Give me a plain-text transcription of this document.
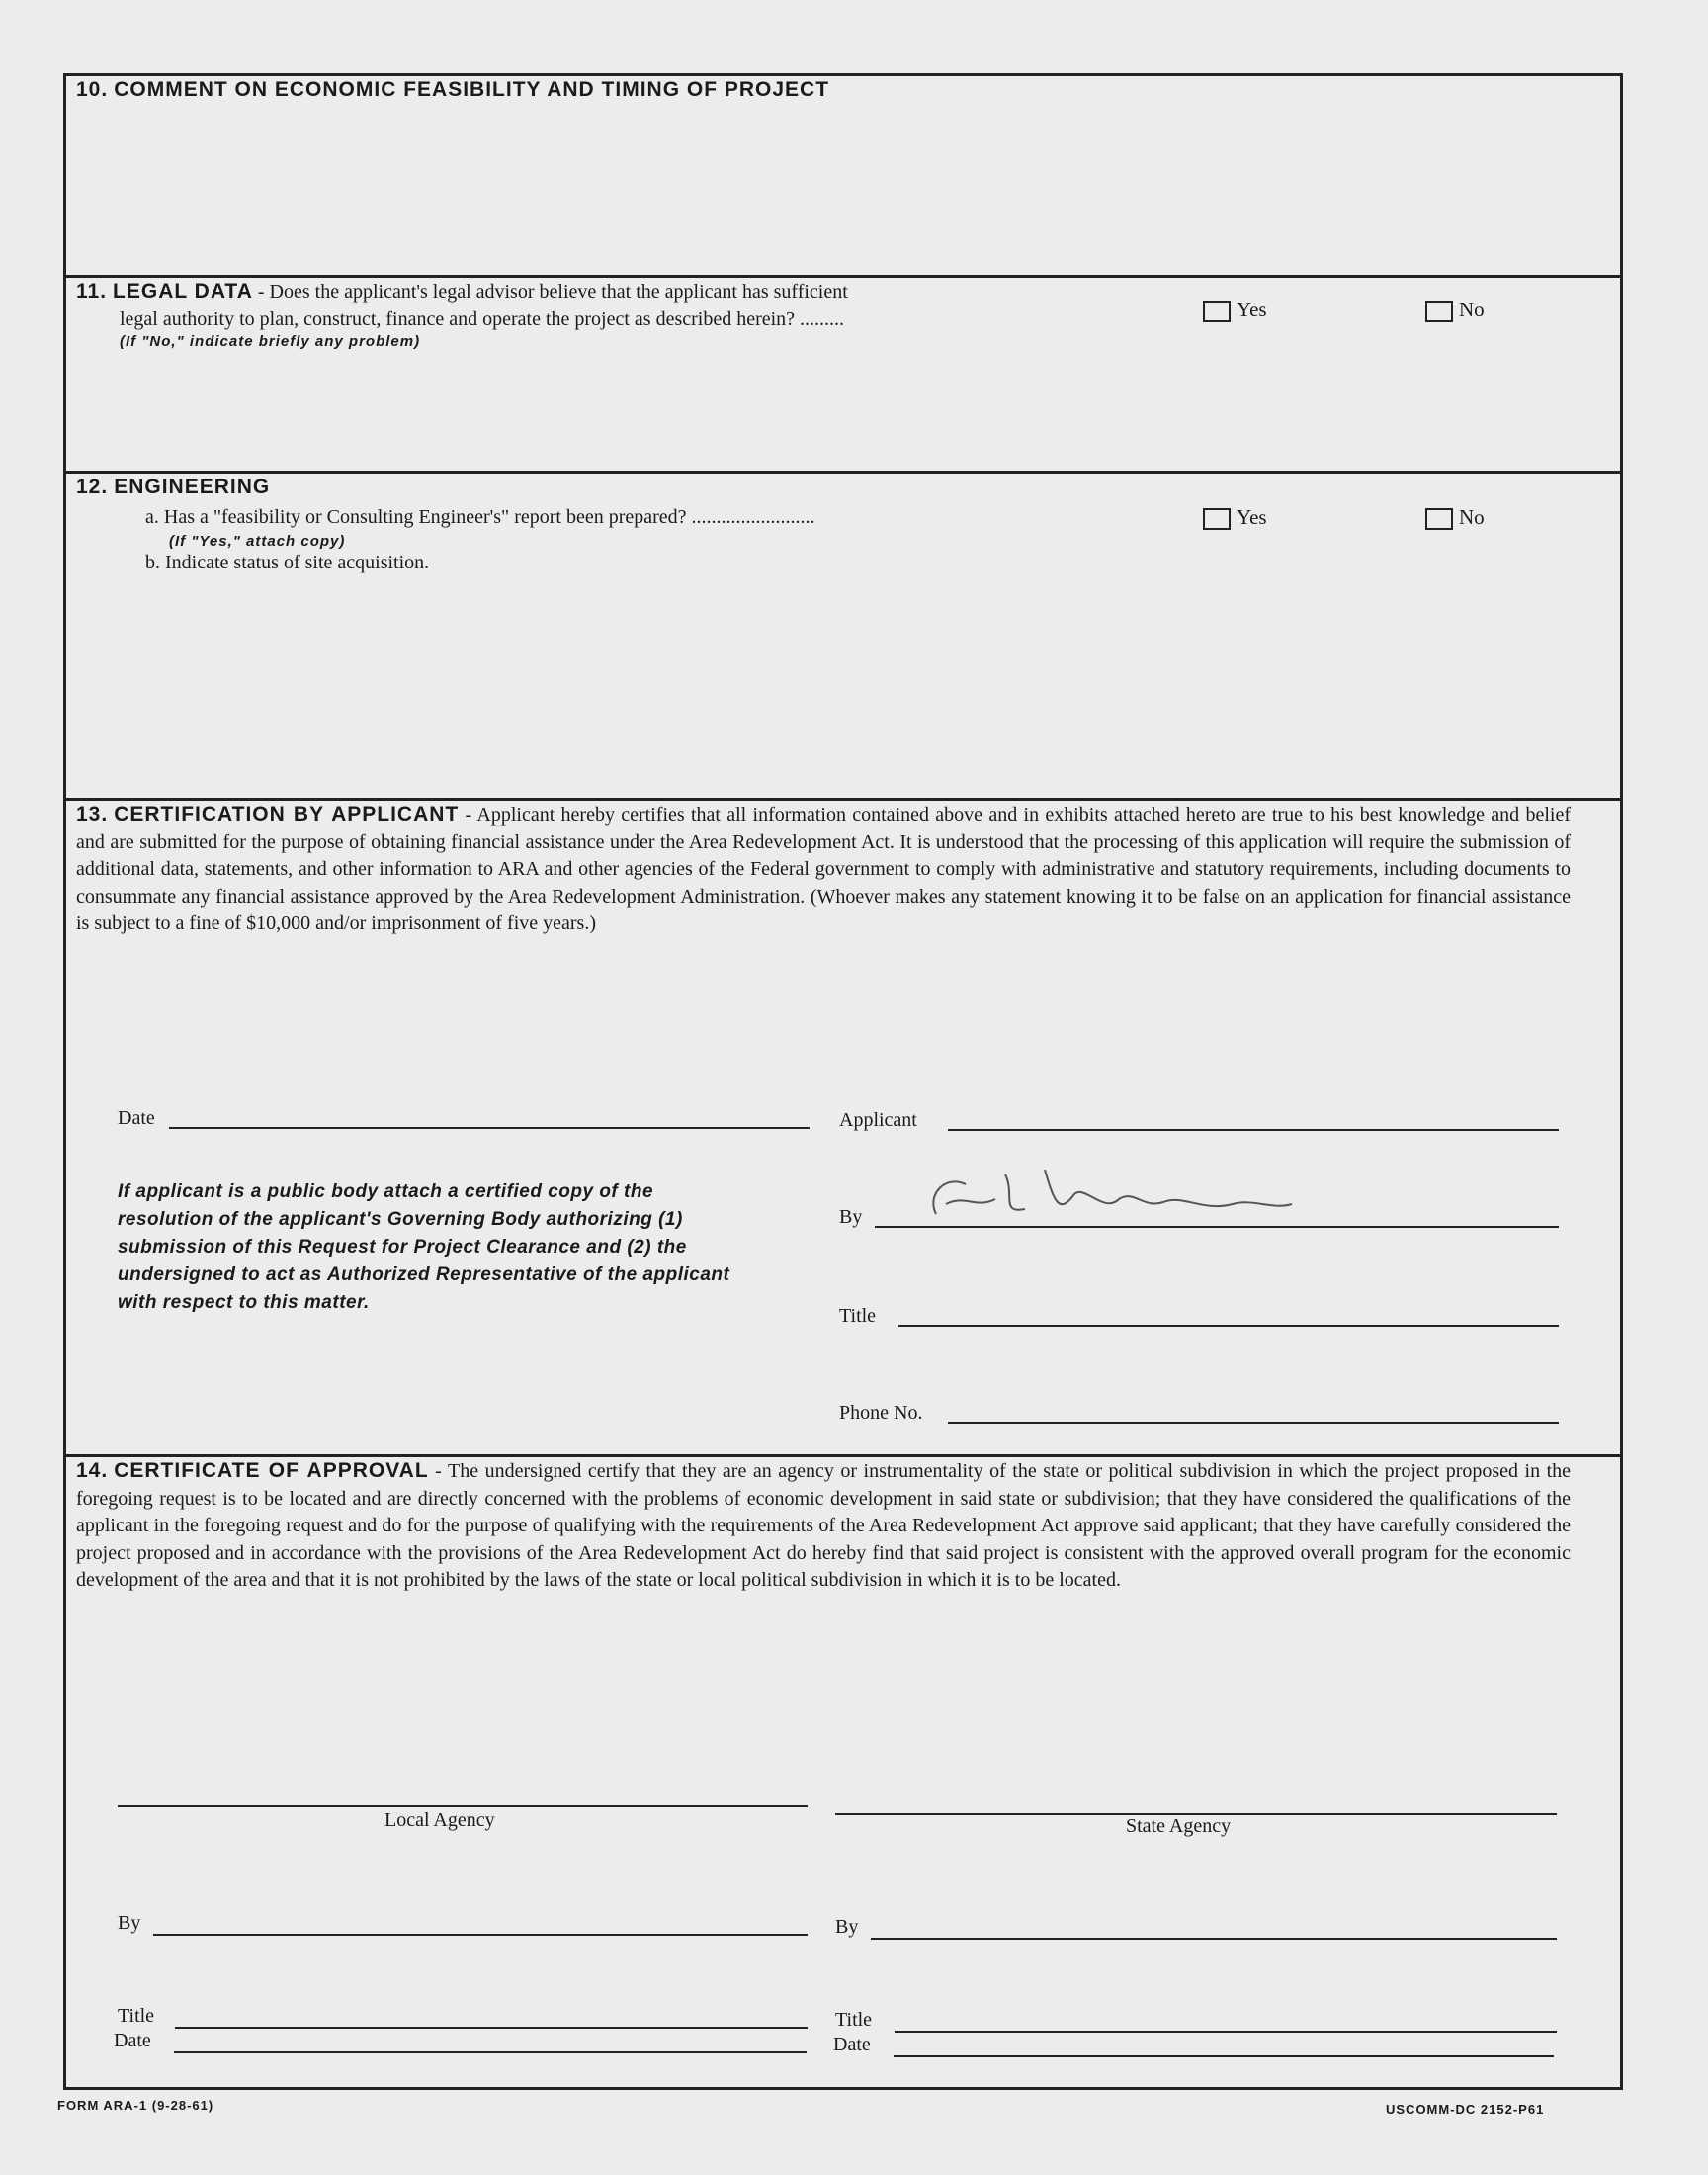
10. COMMENT ON ECONOMIC FEASIBILITY AND TIMING OF PROJECT
11. LEGAL DATA - Does the applicant's legal advisor believe that the applicant has sufficient
legal authority to plan, construct, finance and operate the project as described herein? .........
(If "No," indicate briefly any problem)
Yes	No
12. ENGINEERING
a. Has a "feasibility or Consulting Engineer's" report been prepared? .........................
(If "Yes," attach copy)
b. Indicate status of site acquisition.
Yes	No
13. CERTIFICATION BY APPLICANT - Applicant hereby certifies that all information contained above and in exhibits attached hereto are true to his best knowledge and belief and are submitted for the purpose of obtaining financial assistance under the Area Redevelopment Act. It is understood that the processing of this application will require the submission of additional data, statements, and other information to ARA and other agencies of the Federal government to comply with administrative and statutory requirements, including documents to consummate any financial assistance approved by the Area Redevelopment Administration. (Whoever makes any statement knowing it to be false on an application for financial assistance is subject to a fine of $10,000 and/or imprisonment of five years.)
Date	Applicant
If applicant is a public body attach a certified copy of the resolution of the applicant's Governing Body authorizing (1) submission of this Request for Project Clearance and (2) the undersigned to act as Authorized Representative of the applicant with respect to this matter.
By
Title
Phone No.
14. CERTIFICATE OF APPROVAL - The undersigned certify that they are an agency or instrumentality of the state or political subdivision in which the project proposed in the foregoing request is to be located and are directly concerned with the problems of economic development in said state or subdivision; that they have considered the qualifications of the applicant in the foregoing request and do for the purpose of qualifying with the requirements of the Area Redevelopment Act approve said applicant; that they have carefully considered the project proposed and in accordance with the provisions of the Area Redevelopment Act do hereby find that said project is consistent with the approved overall program for the economic development of the area and that it is not prohibited by the laws of the state or local political subdivision in which it is to be located.
Local Agency	State Agency
By	By
Title	Title
Date	Date
FORM ARA-1 (9-28-61)	USCOMM-DC 2152-P61
